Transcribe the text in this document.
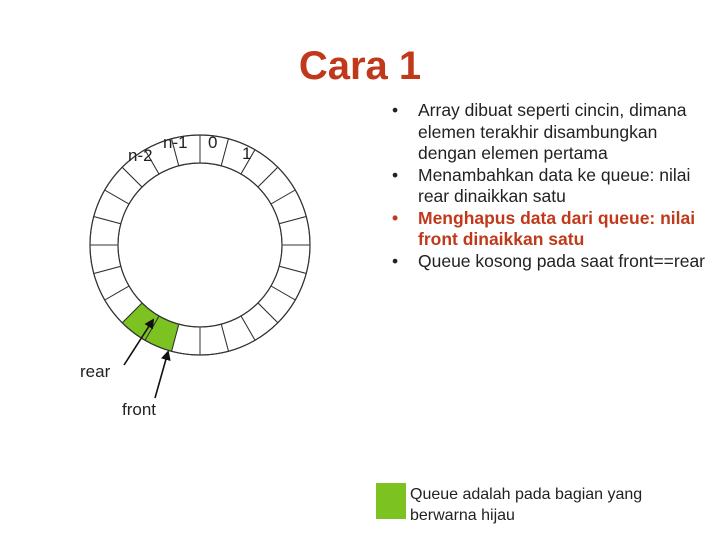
Cara 1
n-2
n-1 0
1
rear
front
• Array dibuat seperti cincin, dimana elemen terakhir disambungkan dengan elemen pertama
• Menambahkan data ke queue: nilai rear dinaikkan satu
• Menghapus data dari queue: nilai front dinaikkan satu
• Queue kosong pada saat front==rear
Queue adalah pada bagian yang berwarna hijau
